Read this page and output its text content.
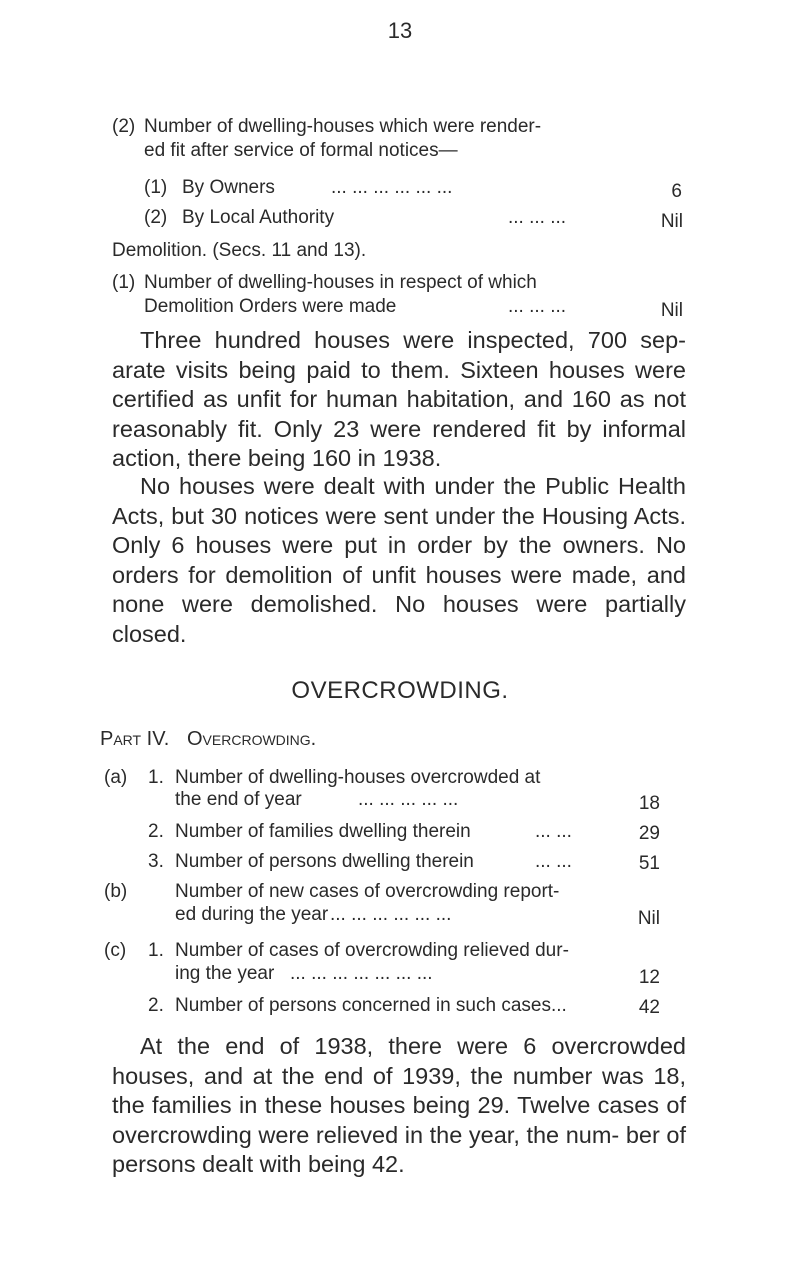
13
(2) Number of dwelling-houses which were render-
ed fit after service of formal notices—
(1) By Owners	... ... ... ... ... ...	6
(2) By Local Authority	... ... ...	Nil
Demolition. (Secs. 11 and 13).
(1) Number of dwelling-houses in respect of which
Demolition Orders were made	... ... ...	Nil

Three hundred houses were inspected, 700 sep- arate visits being paid to them. Sixteen houses were certified as unfit for human habitation, and 160 as not reasonably fit. Only 23 were rendered fit by informal action, there being 160 in 1938.

No houses were dealt with under the Public Health Acts, but 30 notices were sent under the Housing Acts. Only 6 houses were put in order by the owners. No orders for demolition of unfit houses were made, and none were demolished. No houses were partially closed.

OVERCROWDING.
Part IV. Overcrowding.
(a) 1. Number of dwelling-houses overcrowded at
the end of year	... ... ... ... ...	18
2. Number of families dwelling therein	... ...	29
3. Number of persons dwelling therein	... ...	51
(b)	Number of new cases of overcrowding report-
ed during the year ... ... ... ... ... ...	Nil
(c) 1. Number of cases of overcrowding relieved dur-
ing the year ... ... ... ... ... ... ...	12
2. Number of persons concerned in such cases...	42

At the end of 1938, there were 6 overcrowded houses, and at the end of 1939, the number was 18, the families in these houses being 29. Twelve cases of overcrowding were relieved in the year, the num- ber of persons dealt with being 42.
